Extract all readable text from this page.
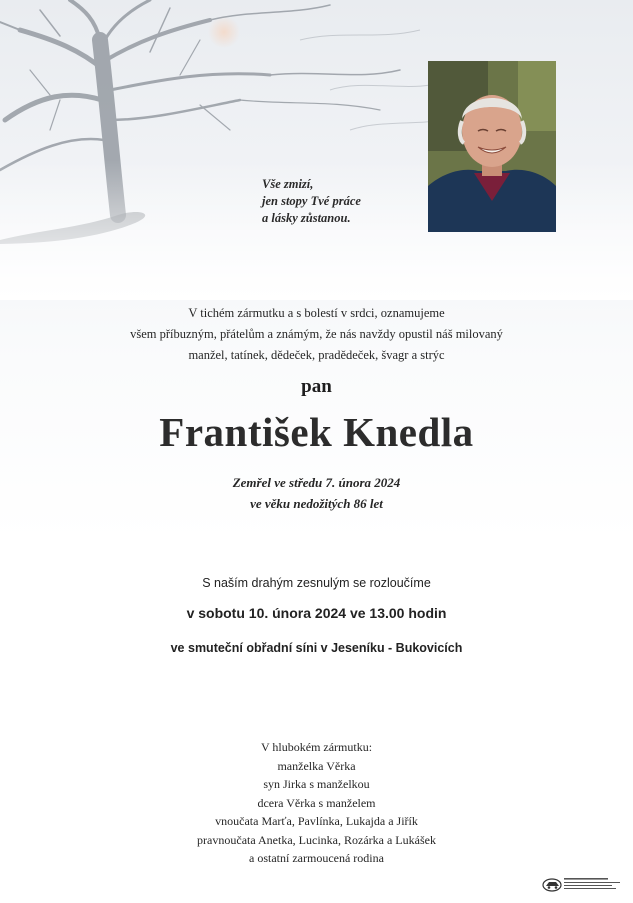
Vše zmizí,
jen stopy Tvé práce
a lásky zůstanou.
V tichém zármutku a s bolestí v srdci, oznamujeme
všem příbuzným, přátelům a známým, že nás navždy opustil náš milovaný
manžel, tatínek, dědeček, pradědeček, švagr a strýc
pan
František Knedla
Zemřel ve středu 7. února 2024
ve věku nedožitých 86 let
S naším drahým zesnulým se rozloučíme
v sobotu 10. února 2024 ve 13.00 hodin
ve smuteční obřadní síni v Jeseníku - Bukovicích
V hlubokém zármutku:
manželka Věrka
syn Jirka s manželkou
dcera Věrka s manželem
vnoučata Marťa, Pavlínka, Lukajda a Jiřík
pravnoučata Anetka, Lucinka, Rozárka a Lukášek
a ostatní zarmoucená rodina
